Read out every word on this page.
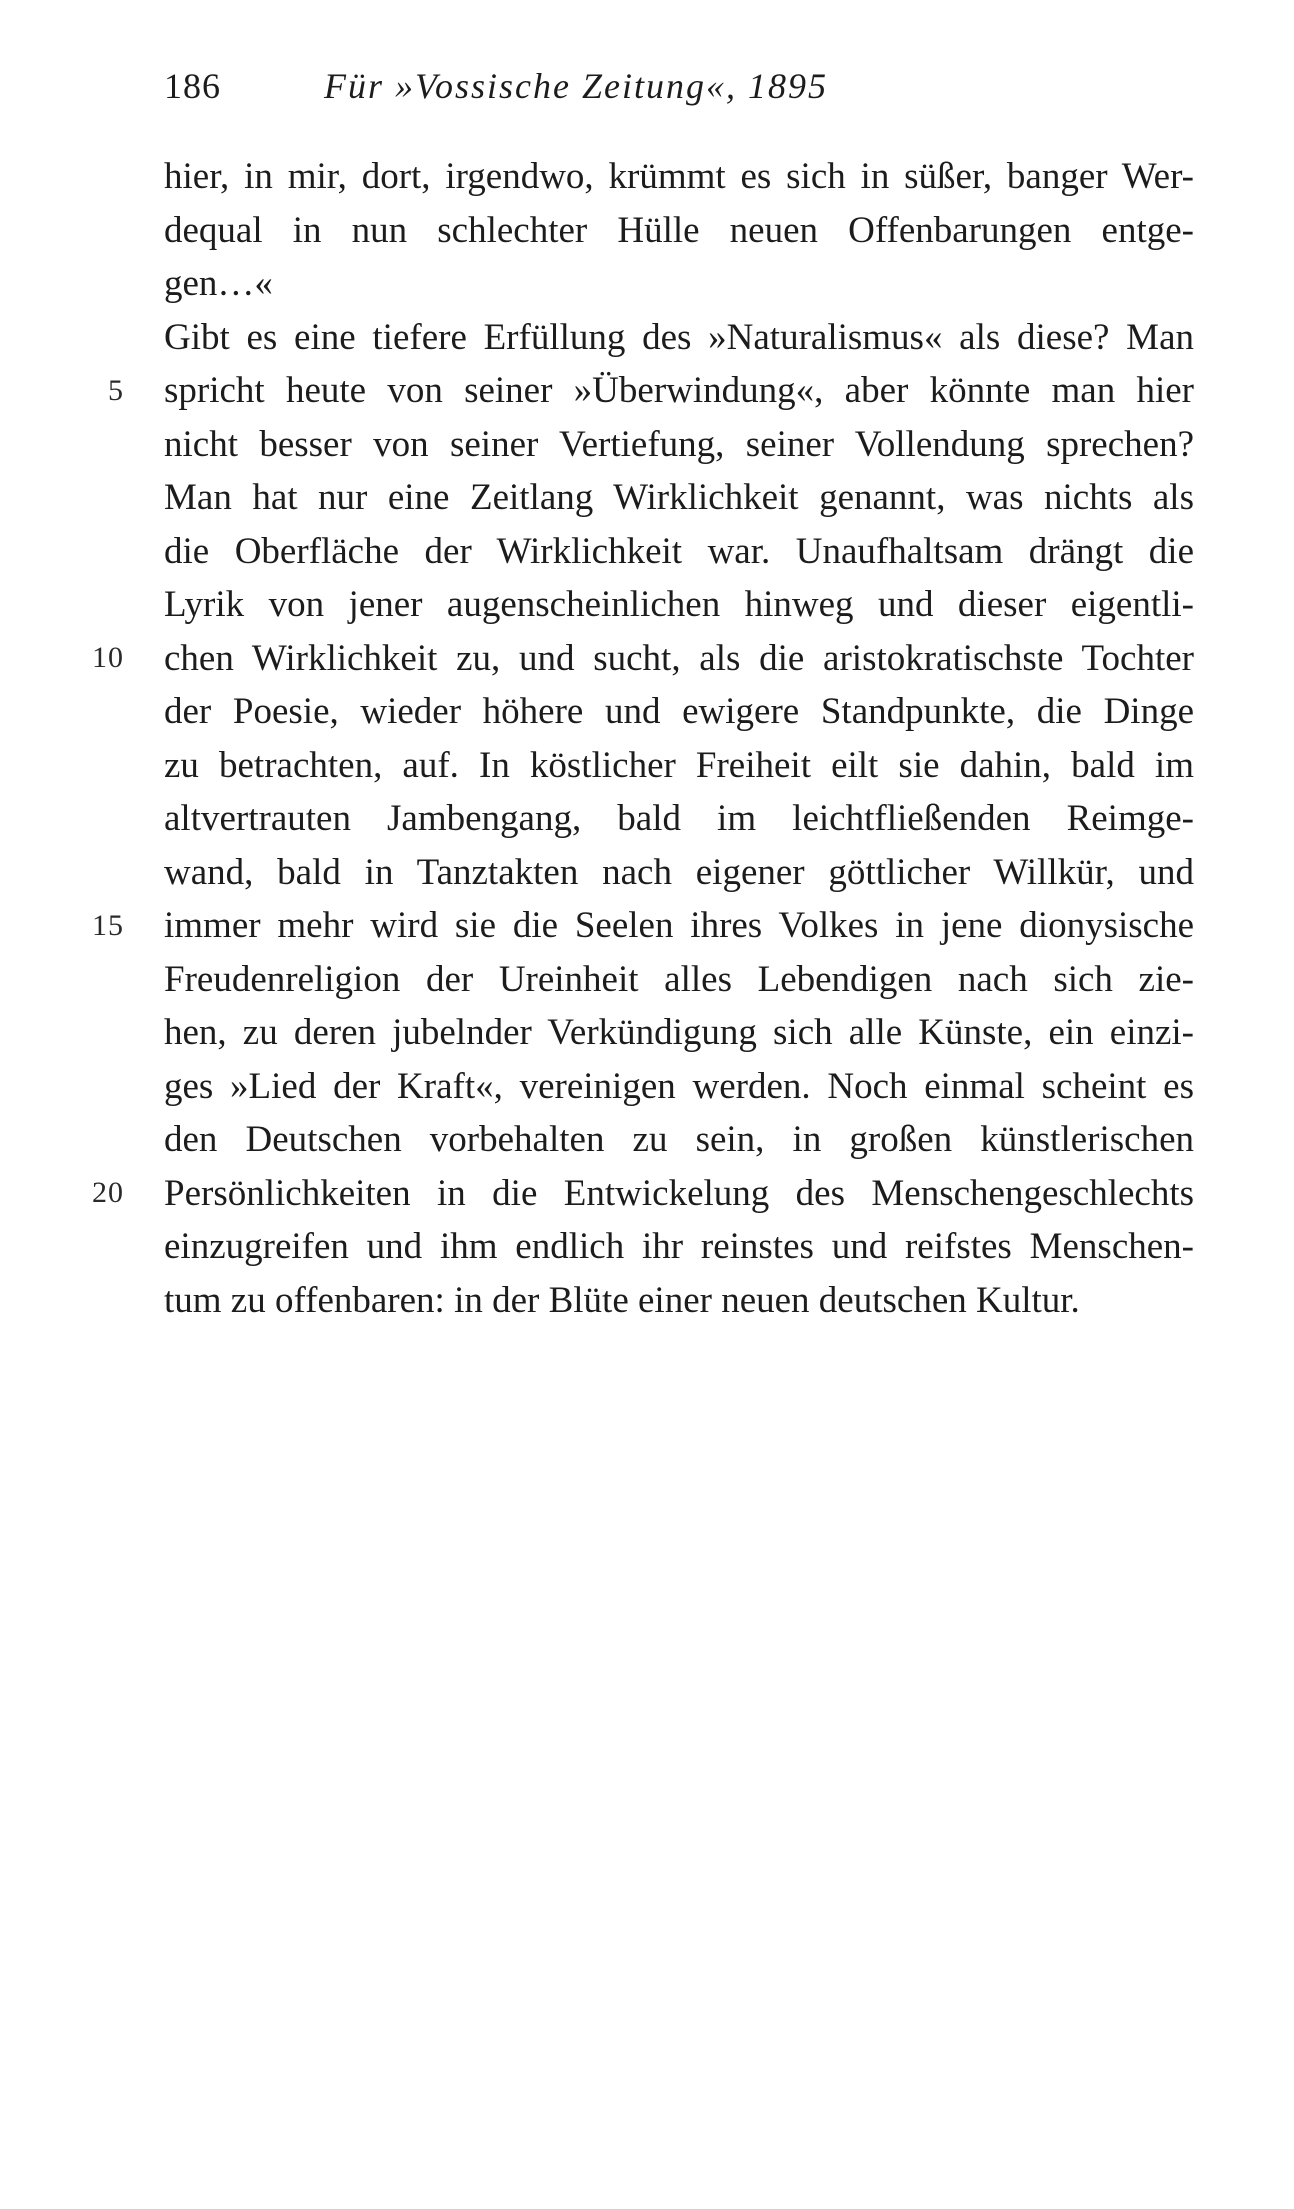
186	Für »Vossische Zeitung«, 1895
hier, in mir, dort, irgendwo, krümmt es sich in süßer, banger Wer-
dequal in nun schlechter Hülle neuen Offenbarungen entge-
gen…«
Gibt es eine tiefere Erfüllung des »Naturalismus« als diese? Man
spricht heute von seiner »Überwindung«, aber könnte man hier
nicht besser von seiner Vertiefung, seiner Vollendung sprechen?
Man hat nur eine Zeitlang Wirklichkeit genannt, was nichts als
die Oberfläche der Wirklichkeit war. Unaufhaltsam drängt die
Lyrik von jener augenscheinlichen hinweg und dieser eigentli-
chen Wirklichkeit zu, und sucht, als die aristokratischste Tochter
der Poesie, wieder höhere und ewigere Standpunkte, die Dinge
zu betrachten, auf. In köstlicher Freiheit eilt sie dahin, bald im
altvertrauten Jambengang, bald im leichtfließenden Reimge-
wand, bald in Tanztakten nach eigener göttlicher Willkür, und
immer mehr wird sie die Seelen ihres Volkes in jene dionysische
Freudenreligion der Ureinheit alles Lebendigen nach sich zie-
hen, zu deren jubelnder Verkündigung sich alle Künste, ein einzi-
ges »Lied der Kraft«, vereinigen werden. Noch einmal scheint es
den Deutschen vorbehalten zu sein, in großen künstlerischen
Persönlichkeiten in die Entwickelung des Menschengeschlechts
einzugreifen und ihm endlich ihr reinstes und reifstes Menschen-
tum zu offenbaren: in der Blüte einer neuen deutschen Kultur.
5
10
15
20
